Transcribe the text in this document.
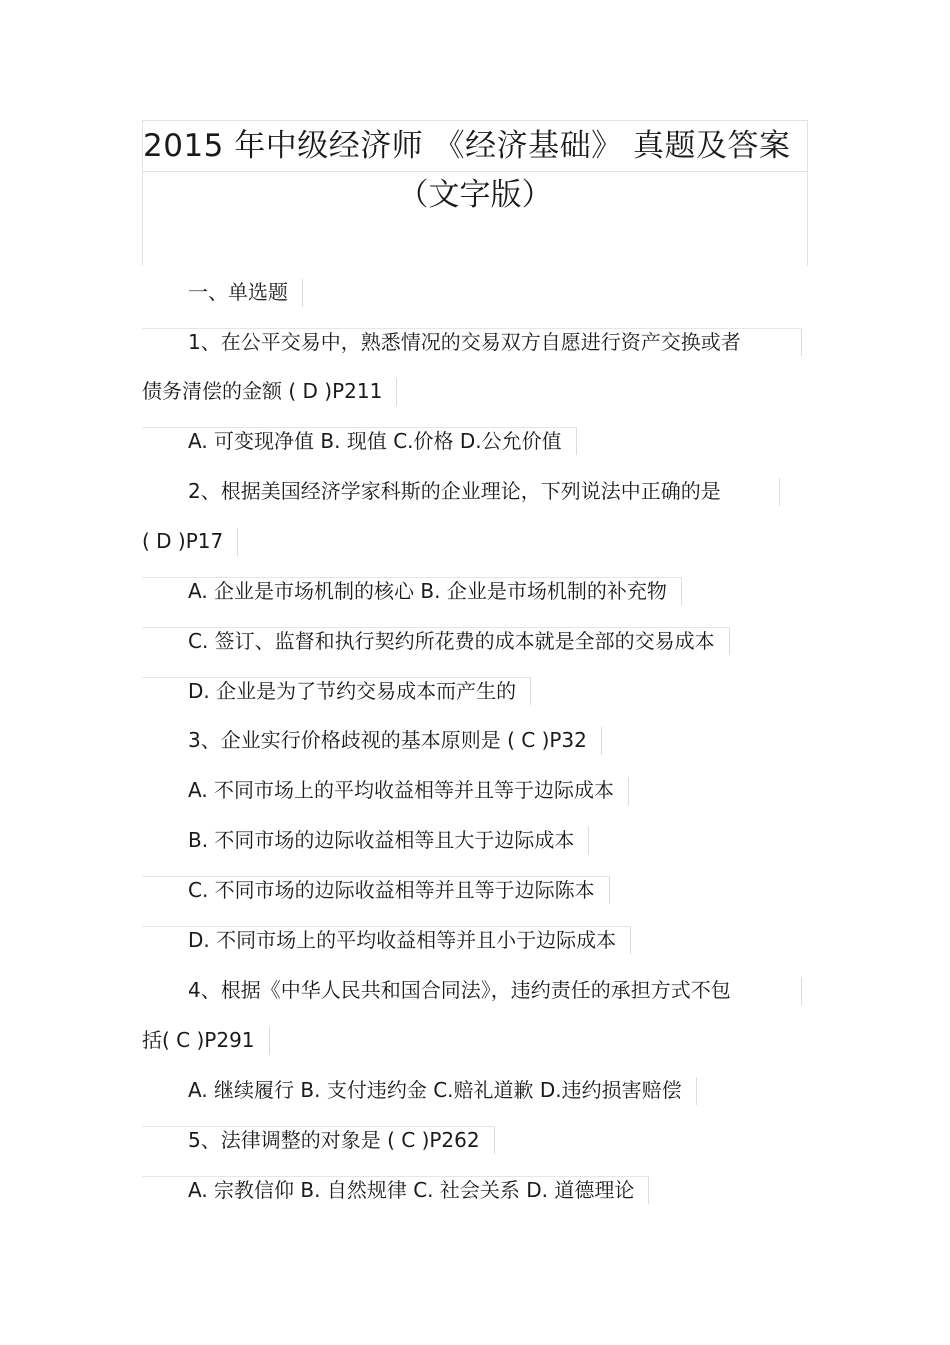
2015 年中级经济师 《经济基础》 真题及答案
（文字版）
一、单选题
1、在公平交易中，熟悉情况的交易双方自愿进行资产交换或者
债务清偿的金额 ( D )P211
A. 可变现净值 B. 现值 C.价格 D.公允价值
2、根据美国经济学家科斯的企业理论，下列说法中正确的是
( D )P17
A. 企业是市场机制的核心 B. 企业是市场机制的补充物
C. 签订、监督和执行契约所花费的成本就是全部的交易成本
D. 企业是为了节约交易成本而产生的
3、企业实行价格歧视的基本原则是 ( C )P32
A. 不同市场上的平均收益相等并且等于边际成本
B. 不同市场的边际收益相等且大于边际成本
C. 不同市场的边际收益相等并且等于边际陈本
D. 不同市场上的平均收益相等并且小于边际成本
4、根据《中华人民共和国合同法》，违约责任的承担方式不包
括( C )P291
A. 继续履行 B. 支付违约金 C.赔礼道歉 D.违约损害赔偿
5、法律调整的对象是 ( C )P262
A. 宗教信仰 B. 自然规律 C. 社会关系 D. 道德理论
